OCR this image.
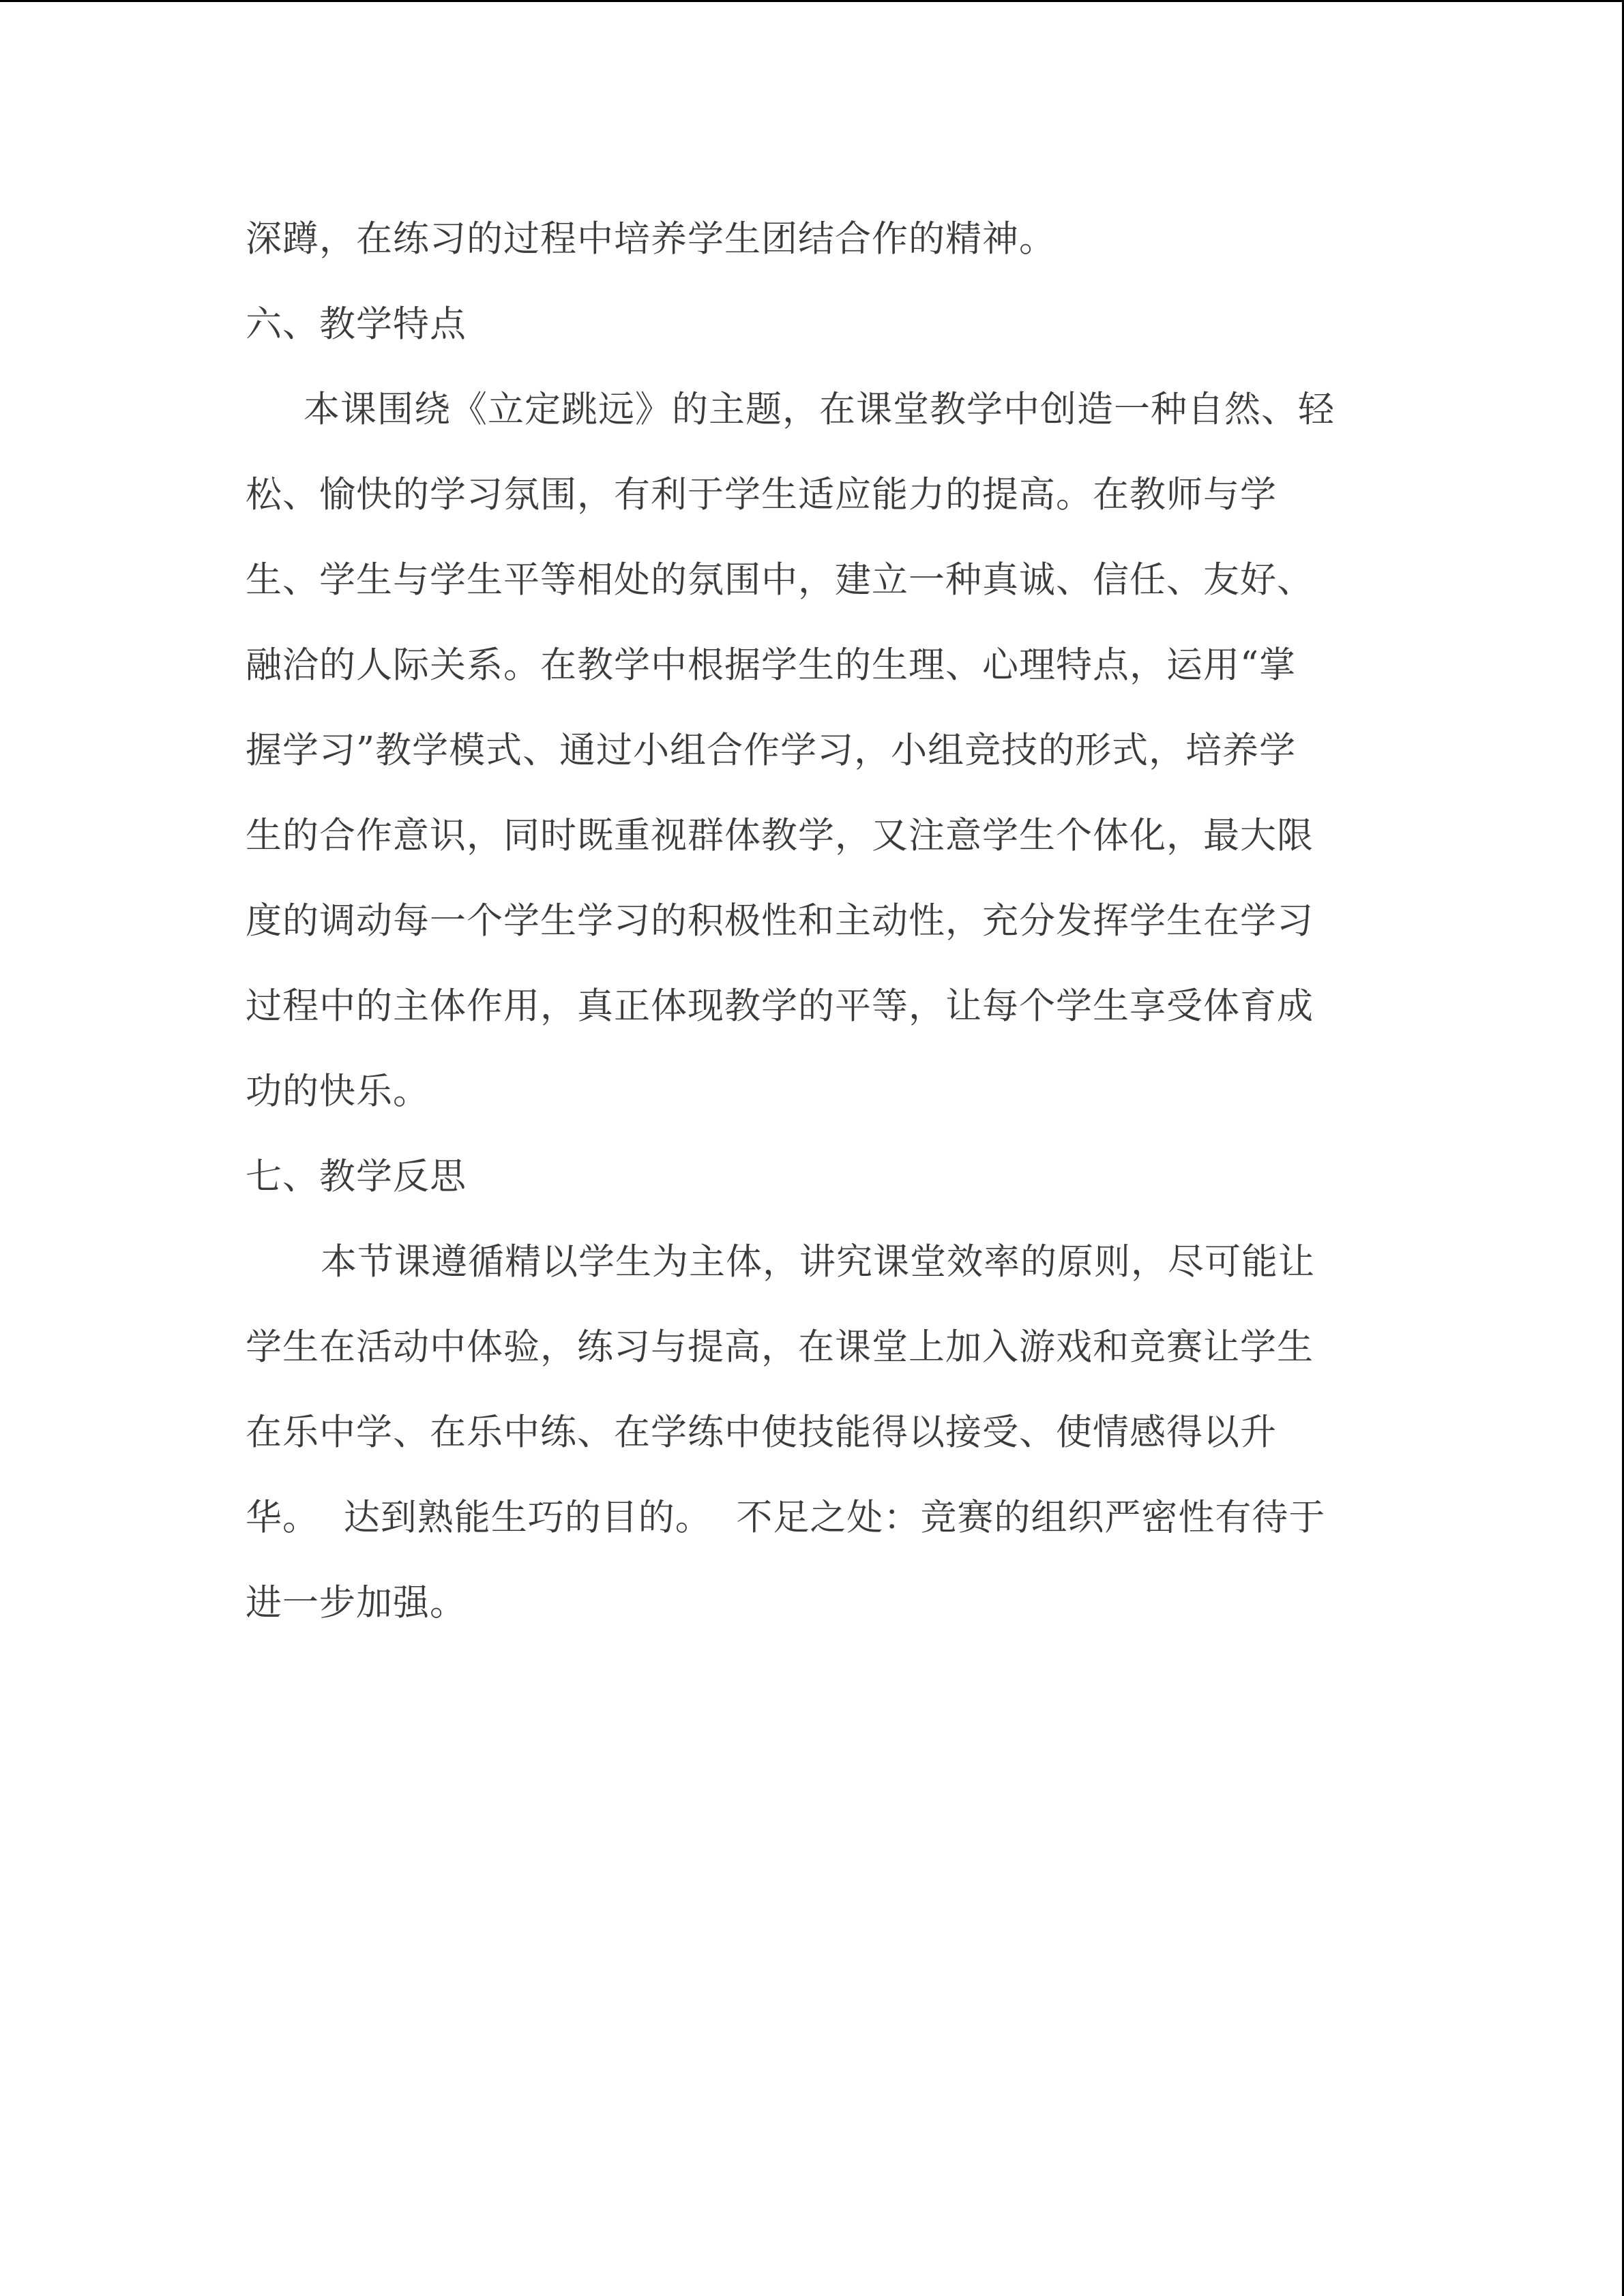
深蹲，在练习的过程中培养学生团结合作的精神。
六、教学特点
本课围绕《立定跳远》的主题，在课堂教学中创造一种自然、轻
松、愉快的学习氛围，有利于学生适应能力的提高。在教师与学
生、学生与学生平等相处的氛围中，建立一种真诚、信任、友好、
融洽的人际关系。在教学中根据学生的生理、心理特点，运用“掌
握学习”教学模式、通过小组合作学习，小组竞技的形式，培养学
生的合作意识，同时既重视群体教学，又注意学生个体化，最大限
度的调动每一个学生学习的积极性和主动性，充分发挥学生在学习
过程中的主体作用，真正体现教学的平等，让每个学生享受体育成
功的快乐。
七、教学反思
本节课遵循精以学生为主体，讲究课堂效率的原则，尽可能让
学生在活动中体验，练习与提高，在课堂上加入游戏和竞赛让学生
在乐中学、在乐中练、在学练中使技能得以接受、使情感得以升
华。  达到熟能生巧的目的。  不足之处：竞赛的组织严密性有待于
进一步加强。
